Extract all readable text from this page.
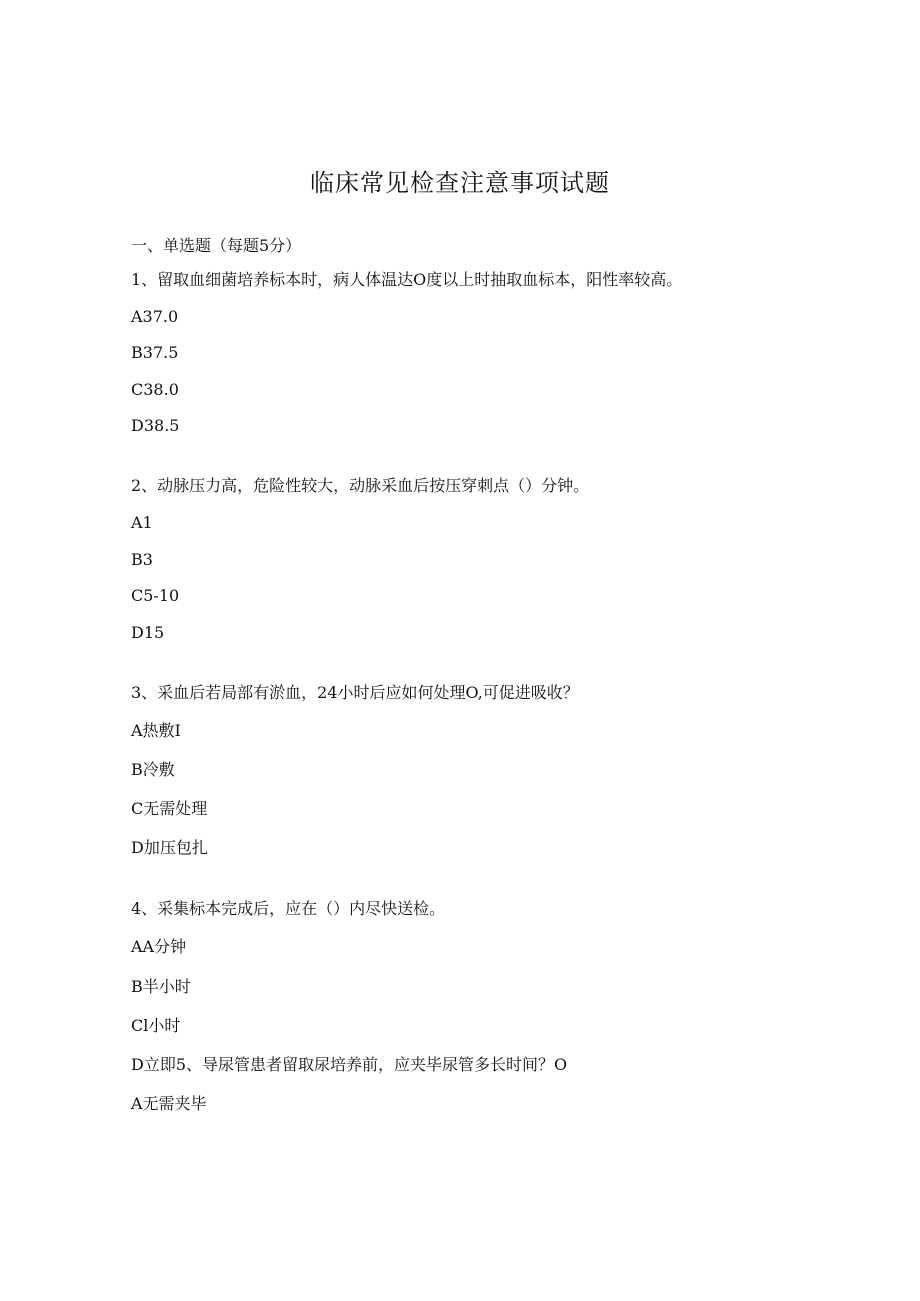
临床常见检查注意事项试题
一、单选题（每题5分）
1、留取血细菌培养标本时，病人体温达O度以上时抽取血标本，阳性率较高。
A37.0
B37.5
C38.0
D38.5
2、动脉压力高，危险性较大，动脉采血后按压穿刺点（）分钟。
A1
B3
C5-10
D15
3、采血后若局部有淤血，24小时后应如何处理O,可促进吸收？
A热敷I
B冷敷
C无需处理
D加压包扎
4、采集标本完成后，应在（）内尽快送检。
AA分钟
B半小时
Cl小时
D立即5、导尿管患者留取尿培养前，应夹毕尿管多长时间？O
A无需夹毕
